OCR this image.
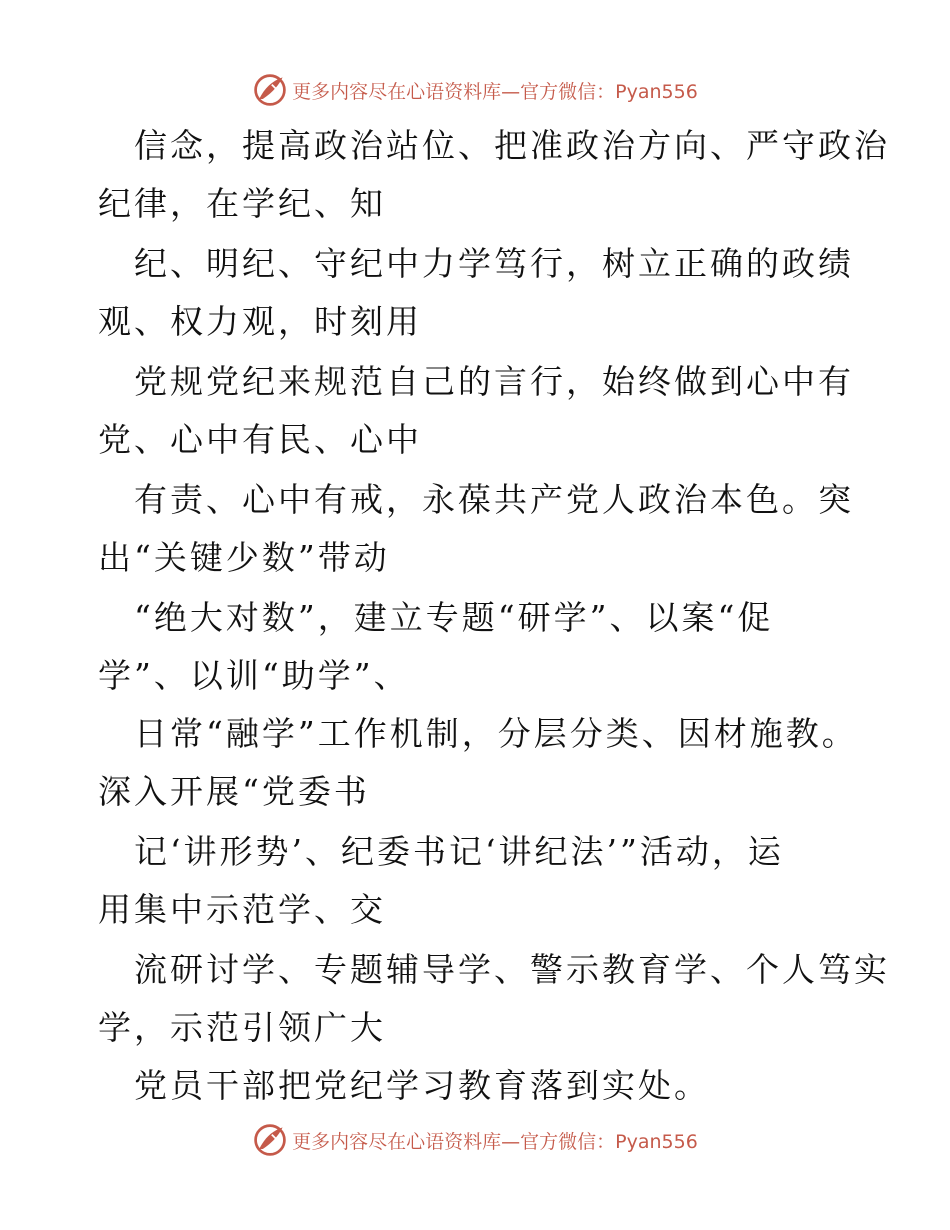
更多内容尽在心语资料库—官方微信：Pyan556
信念，提高政治站位、把准政治方向、严守政治
纪律，在学纪、知
纪、明纪、守纪中力学笃行，树立正确的政绩
观、权力观，时刻用
党规党纪来规范自己的言行，始终做到心中有
党、心中有民、心中
有责、心中有戒，永葆共产党人政治本色。突
出“关键少数”带动
“绝大对数”，建立专题“研学”、以案“促
学”、以训“助学”、
日常“融学”工作机制，分层分类、因材施教。
深入开展“党委书
记‘讲形势’、纪委书记‘讲纪法’”活动，运
用集中示范学、交
流研讨学、专题辅导学、警示教育学、个人笃实
学，示范引领广大
党员干部把党纪学习教育落到实处。
更多内容尽在心语资料库—官方微信：Pyan556
